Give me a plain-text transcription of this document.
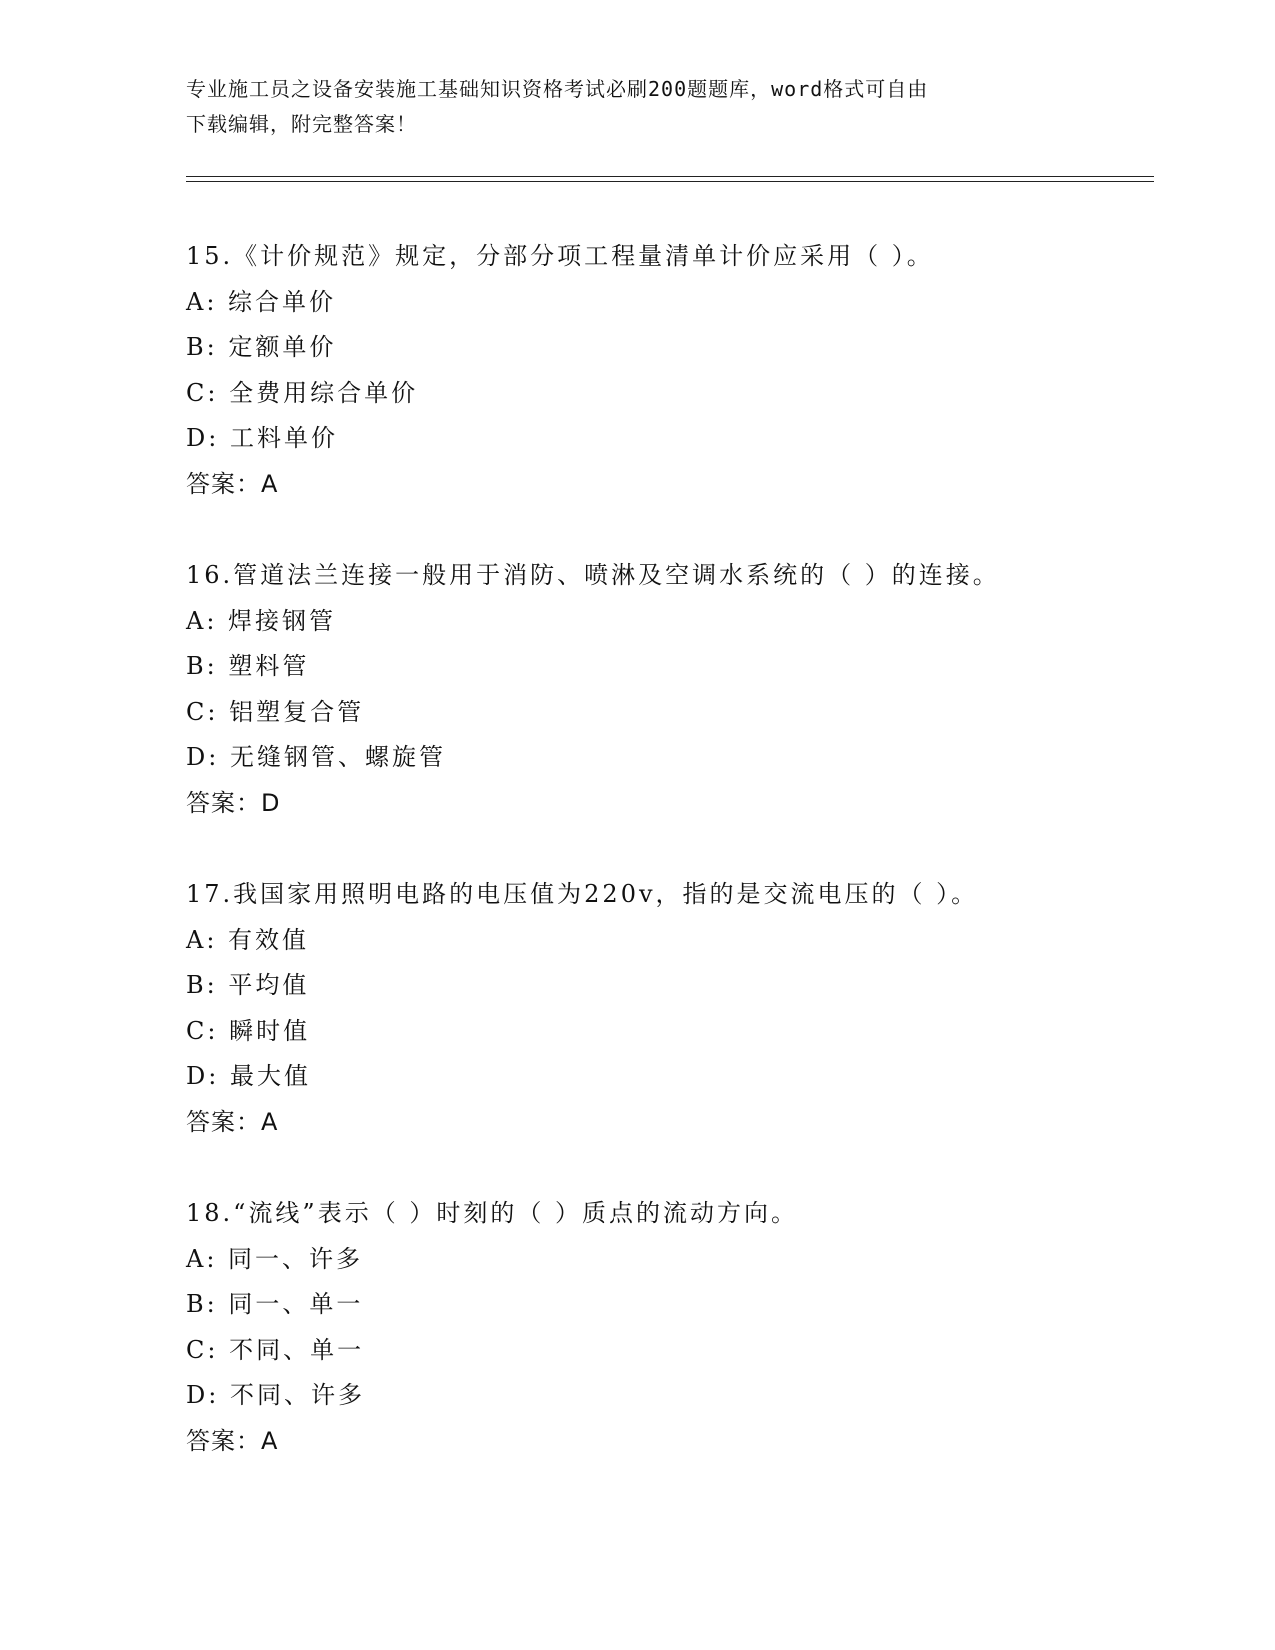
专业施工员之设备安装施工基础知识资格考试必刷200题题库，word格式可自由
下载编辑，附完整答案！
15.《计价规范》规定，分部分项工程量清单计价应采用（ ）。
A: 综合单价
B: 定额单价
C: 全费用综合单价
D: 工料单价
答案：A
16.管道法兰连接一般用于消防、喷淋及空调水系统的（ ）的连接。
A: 焊接钢管
B: 塑料管
C: 铝塑复合管
D: 无缝钢管、螺旋管
答案：D
17.我国家用照明电路的电压值为220v，指的是交流电压的（ ）。
A: 有效值
B: 平均值
C: 瞬时值
D: 最大值
答案：A
18.“流线”表示（ ）时刻的（ ）质点的流动方向。
A: 同一、许多
B: 同一、单一
C: 不同、单一
D: 不同、许多
答案：A
